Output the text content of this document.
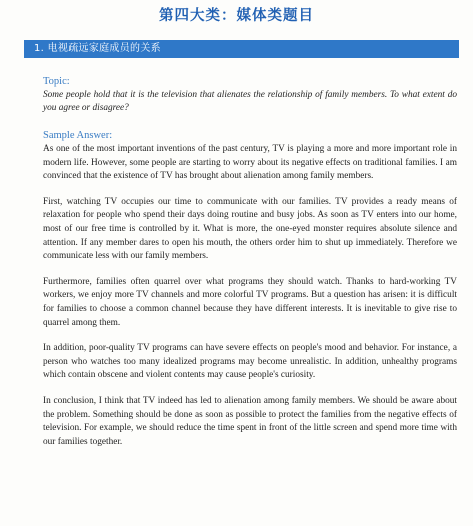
第四大类：媒体类题目
1. 电视疏远家庭成员的关系

Topic:

Some people hold that it is the television that alienates the relationship of family members. To what extent do you agree or disagree?

Sample Answer:

As one of the most important inventions of the past century, TV is playing a more and more important role in modern life. However, some people are starting to worry about its negative effects on traditional families. I am convinced that the existence of TV has brought about alienation among family members.

First, watching TV occupies our time to communicate with our families. TV provides a ready means of relaxation for people who spend their days doing routine and busy jobs. As soon as TV enters into our home, most of our free time is controlled by it. What is more, the one-eyed monster requires absolute silence and attention. If any member dares to open his mouth, the others order him to shut up immediately. Therefore we communicate less with our family members.

Furthermore, families often quarrel over what programs they should watch. Thanks to hard-working TV workers, we enjoy more TV channels and more colorful TV programs. But a question has arisen: it is difficult for families to choose a common channel because they have different interests. It is inevitable to give rise to quarrel among them.

In addition, poor-quality TV programs can have severe effects on people's mood and behavior. For instance, a person who watches too many idealized programs may become unrealistic. In addition, unhealthy programs which contain obscene and violent contents may cause people's curiosity.

In conclusion, I think that TV indeed has led to alienation among family members. We should be aware about the problem. Something should be done as soon as possible to protect the families from the negative effects of television. For example, we should reduce the time spent in front of the little screen and spend more time with our families together.
